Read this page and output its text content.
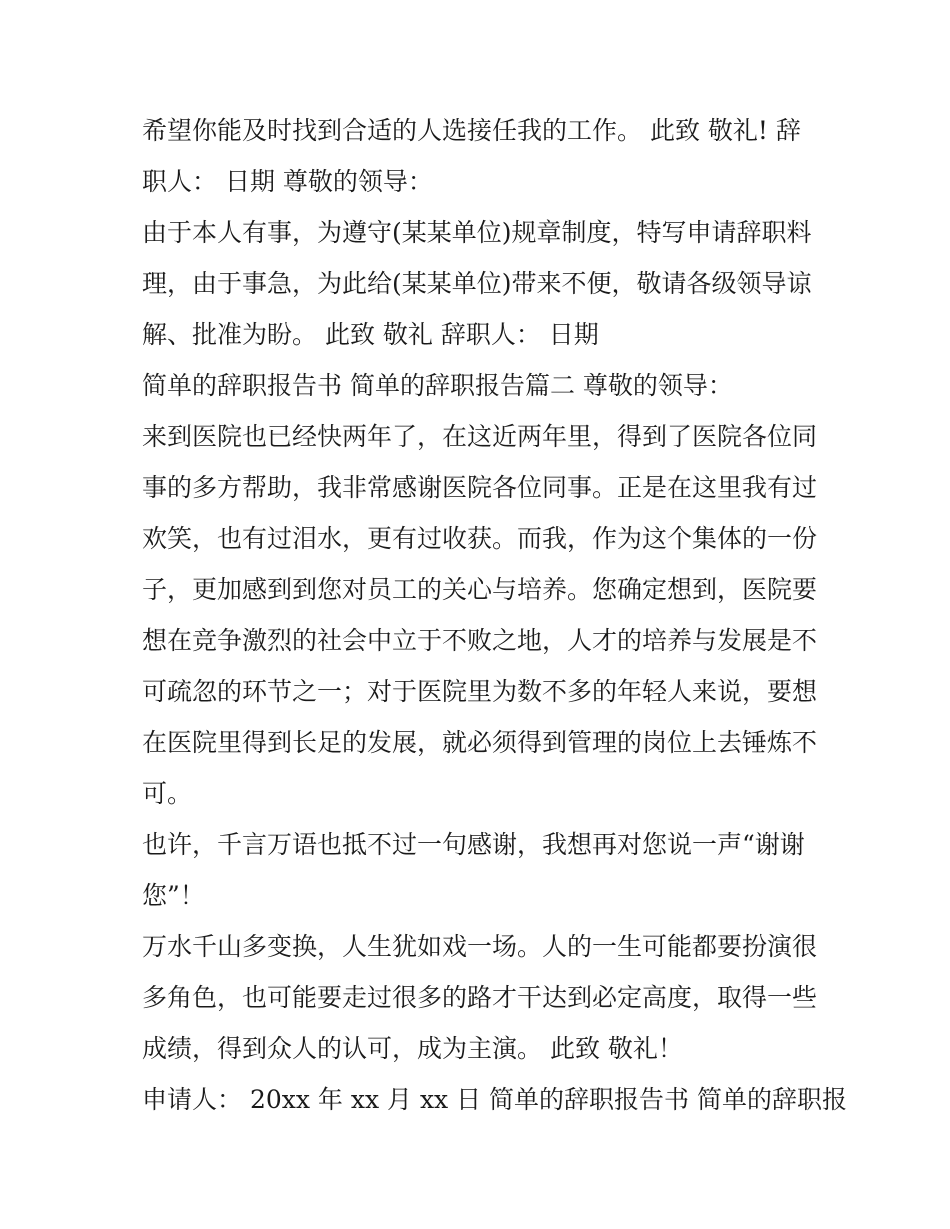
希望你能及时找到合适的人选接任我的工作。 此致 敬礼! 辞

职人： 日期 尊敬的领导：

由于本人有事，为遵守(某某单位)规章制度，特写申请辞职料

理，由于事急，为此给(某某单位)带来不便，敬请各级领导谅

解、批准为盼。 此致 敬礼 辞职人： 日期

简单的辞职报告书 简单的辞职报告篇二 尊敬的领导：

来到医院也已经快两年了，在这近两年里，得到了医院各位同

事的多方帮助，我非常感谢医院各位同事。正是在这里我有过

欢笑，也有过泪水，更有过收获。而我，作为这个集体的一份

子，更加感到到您对员工的关心与培养。您确定想到，医院要

想在竞争激烈的社会中立于不败之地，人才的培养与发展是不

可疏忽的环节之一；对于医院里为数不多的年轻人来说，要想

在医院里得到长足的发展，就必须得到管理的岗位上去锤炼不

可。

也许，千言万语也抵不过一句感谢，我想再对您说一声“谢谢

您”！

万水千山多变换，人生犹如戏一场。人的一生可能都要扮演很

多角色，也可能要走过很多的路才干达到必定高度，取得一些

成绩，得到众人的认可，成为主演。 此致 敬礼！

申请人： 20xx 年 xx 月 xx 日 简单的辞职报告书 简单的辞职报
